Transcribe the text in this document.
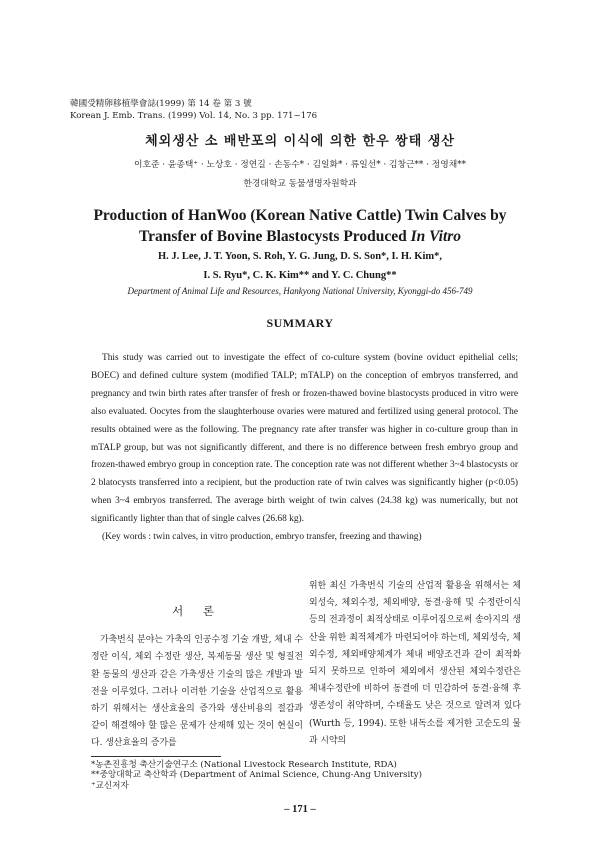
韓國受精卵移植學會誌(1999) 第 14 卷 第 3 號
Korean J. Emb. Trans. (1999) Vol. 14, No. 3 pp. 171~176
체외생산 소 배반포의 이식에 의한 한우 쌍태 생산
이호준 · 윤종택⁺ · 노상호 · 정연길 · 손동수* · 김일화* · 류일선* · 김창근** · 정영채**
한경대학교 동물생명자원학과
Production of HanWoo (Korean Native Cattle) Twin Calves by
Transfer of Bovine Blastocysts Produced In Vitro
H. J. Lee, J. T. Yoon, S. Roh, Y. G. Jung, D. S. Son*, I. H. Kim*,
I. S. Ryu*, C. K. Kim** and Y. C. Chung**
Department of Animal Life and Resources, Hankyong National University, Kyonggi-do 456-749
SUMMARY

This study was carried out to investigate the effect of co-culture system (bovine oviduct epithelial cells; BOEC) and defined culture system (modified TALP; mTALP) on the conception of embryos transferred, and pregnancy and twin birth rates after transfer of fresh or frozen-thawed bovine blastocysts produced in vitro were also evaluated. Oocytes from the slaughterhouse ovaries were matured and fertilized using general protocol. The results obtained were as the following. The pregnancy rate after transfer was higher in co-culture group than in mTALP group, but was not significantly different, and there is no difference between fresh embryo group and frozen-thawed embryo group in conception rate. The conception rate was not different whether 3~4 blastocysts or 2 blatocysts transferred into a recipient, but the production rate of twin calves was significantly higher (p<0.05) when 3~4 embryos transferred. The average birth weight of twin calves (24.38 kg) was numerically, but not significantly lighter than that of single calves (26.68 kg).

(Key words : twin calves, in vitro production, embryo transfer, freezing and thawing)

서 론

가축번식 분야는 가축의 인공수정 기술 개발, 체내 수정란 이식, 체외 수정란 생산, 복제동물 생산 및 형질전환 동물의 생산과 같은 가축생산 기술의 많은 개발과 발전을 이루었다. 그러나 이러한 기술을 산업적으로 활용하기 위해서는 생산효율의 증가와 생산비용의 절감과 같이 해결해야 할 많은 문제가 산재해 있는 것이 현실이다. 생산효율의 증가를

위한 최신 가축번식 기술의 산업적 활용을 위해서는 체외성숙, 체외수정, 체외배양, 동결·융해 및 수정란이식 등의 전과정이 최적상태로 이루어짐으로써 송아지의 생산을 위한 최적체계가 마련되어야 하는데, 체외성숙, 체외수정, 체외배양체계가 체내 배양조건과 같이 최적화되지 못하므로 인하여 체외에서 생산된 체외수정란은 체내수정란에 비하여 동결에 더 민감하여 동결·융해 후 생존성이 취약하며, 수태율도 낮은 것으로 알려져 있다 (Wurth 등, 1994). 또한 내독소를 제거한 고순도의 물과 시약의

*농촌진흥청 축산기술연구소 (National Livestock Research Institute, RDA)
**중앙대학교 축산학과 (Department of Animal Science, Chung-Ang University)
⁺교신저자
– 171 –
